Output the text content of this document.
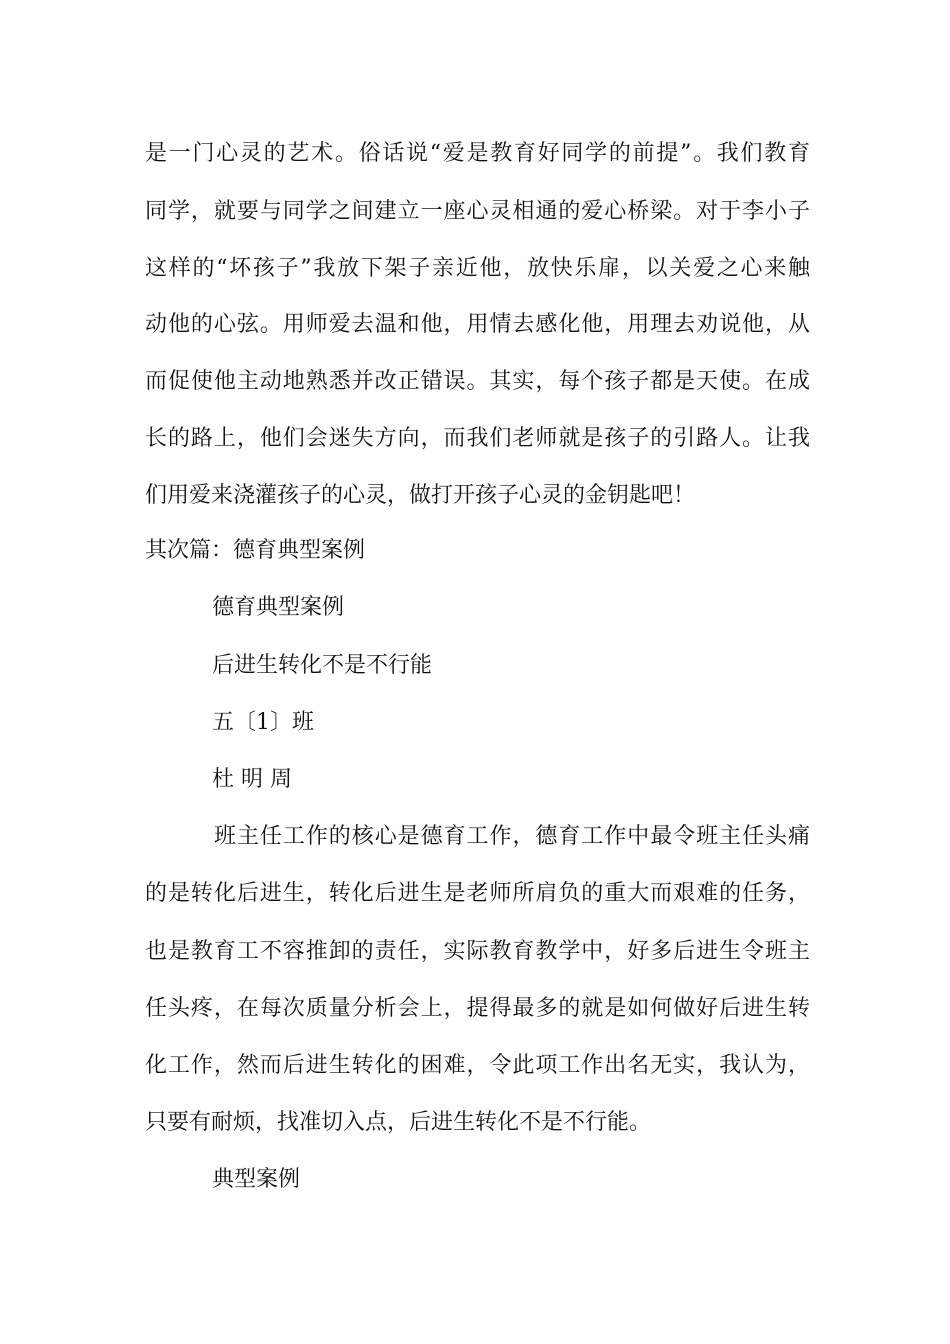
是一门心灵的艺术。俗话说“爱是教育好同学的前提”。我们教育
同学，就要与同学之间建立一座心灵相通的爱心桥梁。对于李小子
这样的“坏孩子”我放下架子亲近他，放快乐扉，以关爱之心来触
动他的心弦。用师爱去温和他，用情去感化他，用理去劝说他，从
而促使他主动地熟悉并改正错误。其实，每个孩子都是天使。在成
长的路上，他们会迷失方向，而我们老师就是孩子的引路人。让我
们用爱来浇灌孩子的心灵，做打开孩子心灵的金钥匙吧！
其次篇：德育典型案例
德育典型案例
后进生转化不是不行能
五〔1〕班
杜 明 周
班主任工作的核心是德育工作，德育工作中最令班主任头痛
的是转化后进生，转化后进生是老师所肩负的重大而艰难的任务，
也是教育工不容推卸的责任，实际教育教学中，好多后进生令班主
任头疼，在每次质量分析会上，提得最多的就是如何做好后进生转
化工作，然而后进生转化的困难，令此项工作出名无实，我认为，
只要有耐烦，找准切入点，后进生转化不是不行能。
典型案例
